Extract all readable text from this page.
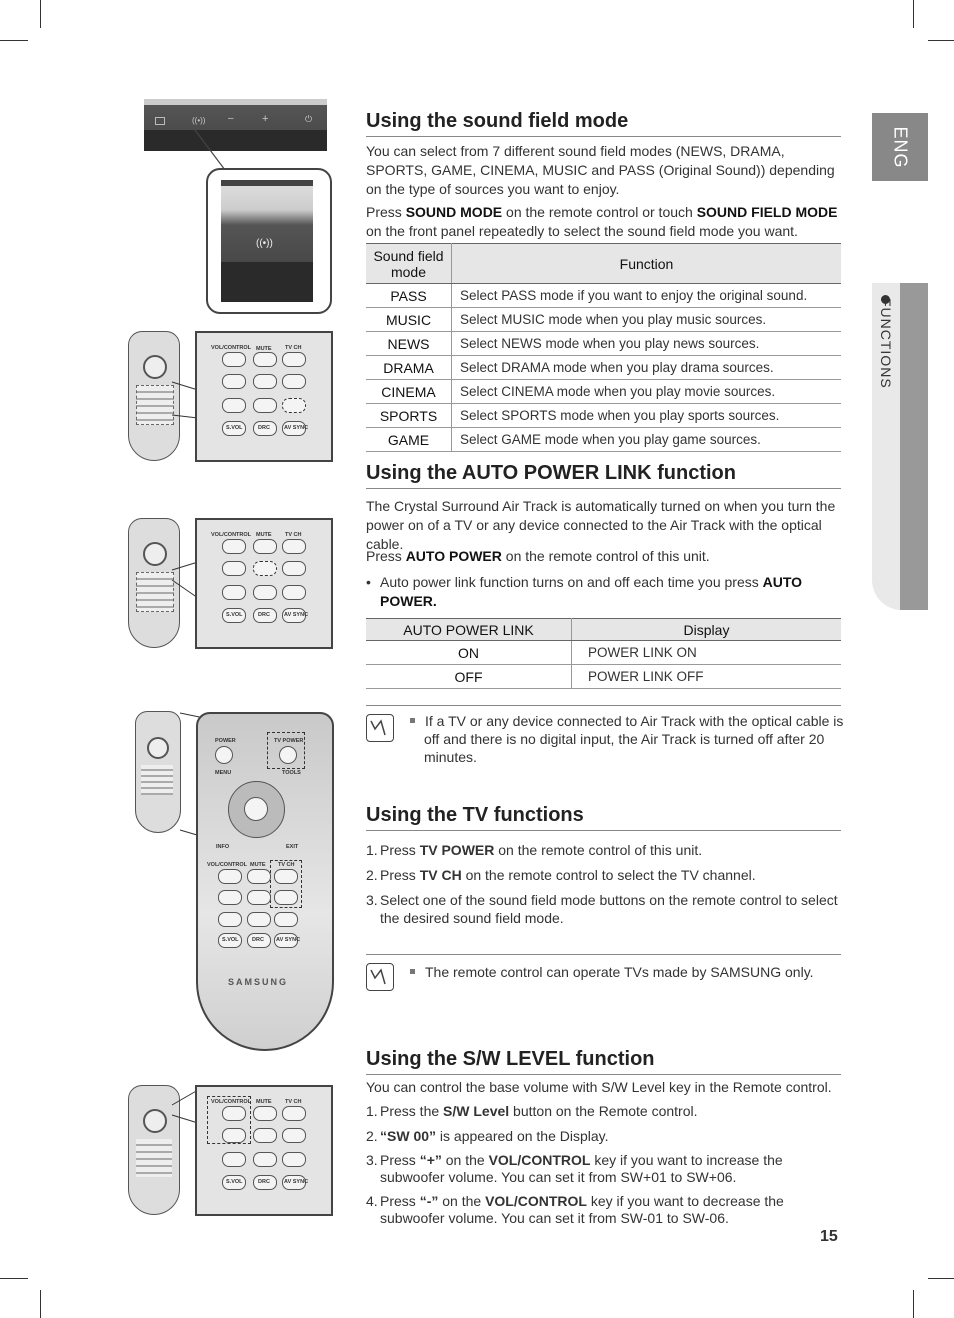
ENG
FUNCTIONS
((•)) –	+	⏻
((•))
VOL/CONTROL MUTE TV CH
S.VOL	DRC	AV SYNC
VOL/CONTROL MUTE TV CH
S.VOL	DRC	AV SYNC
POWER	TV POWER
MENU	TOOLS
INFO	EXIT
VOL/CONTROL MUTE TV CH
S.VOL DRC AV SYNC
SAMSUNG
VOL/CONTROL MUTE TV CH
S.VOL	DRC	AV SYNC
Using the sound field mode
You can select from 7 different sound field modes (NEWS, DRAMA, SPORTS, GAME, CINEMA, MUSIC and PASS (Original Sound)) depending on the type of sources you want to enjoy.
Press SOUND MODE on the remote control or touch SOUND FIELD MODE on the front panel repeatedly to select the sound field mode you want.
Sound field mode	Function
PASS	Select PASS mode if you want to enjoy the original sound.
MUSIC	Select MUSIC mode when you play music sources.
NEWS	Select NEWS mode when you play news sources.
DRAMA	Select DRAMA mode when you play drama sources.
CINEMA	Select CINEMA mode when you play movie sources.
SPORTS	Select SPORTS mode when you play sports sources.
GAME	Select GAME mode when you play game sources.
Using the AUTO POWER LINK function
The Crystal Surround Air Track is automatically turned on when you turn the power on of a TV or any device connected to the Air Track with the optical cable.
Press AUTO POWER on the remote control of this unit.
• Auto power link function turns on and off each time you press AUTO POWER.
AUTO POWER LINK	Display
ON	POWER LINK ON
OFF	POWER LINK OFF
If a TV or any device connected to Air Track with the optical cable is off and there is no digital input, the Air Track is turned off after 20 minutes.
Using the TV functions
1. Press TV POWER on the remote control of this unit.
2. Press TV CH on the remote control to select the TV channel.
3. Select one of the sound field mode buttons on the remote control to select the desired sound field mode.
The remote control can operate TVs made by SAMSUNG only.
Using the S/W LEVEL function
You can control the base volume with S/W Level key in the Remote control.
1. Press the S/W Level button on the Remote control.
2. “SW 00” is appeared on the Display.
3. Press “+” on the VOL/CONTROL key if you want to increase the subwoofer volume. You can set it from SW+01 to SW+06.
4. Press “-” on the VOL/CONTROL key if you want to decrease the subwoofer volume. You can set it from SW-01 to SW-06.
15
